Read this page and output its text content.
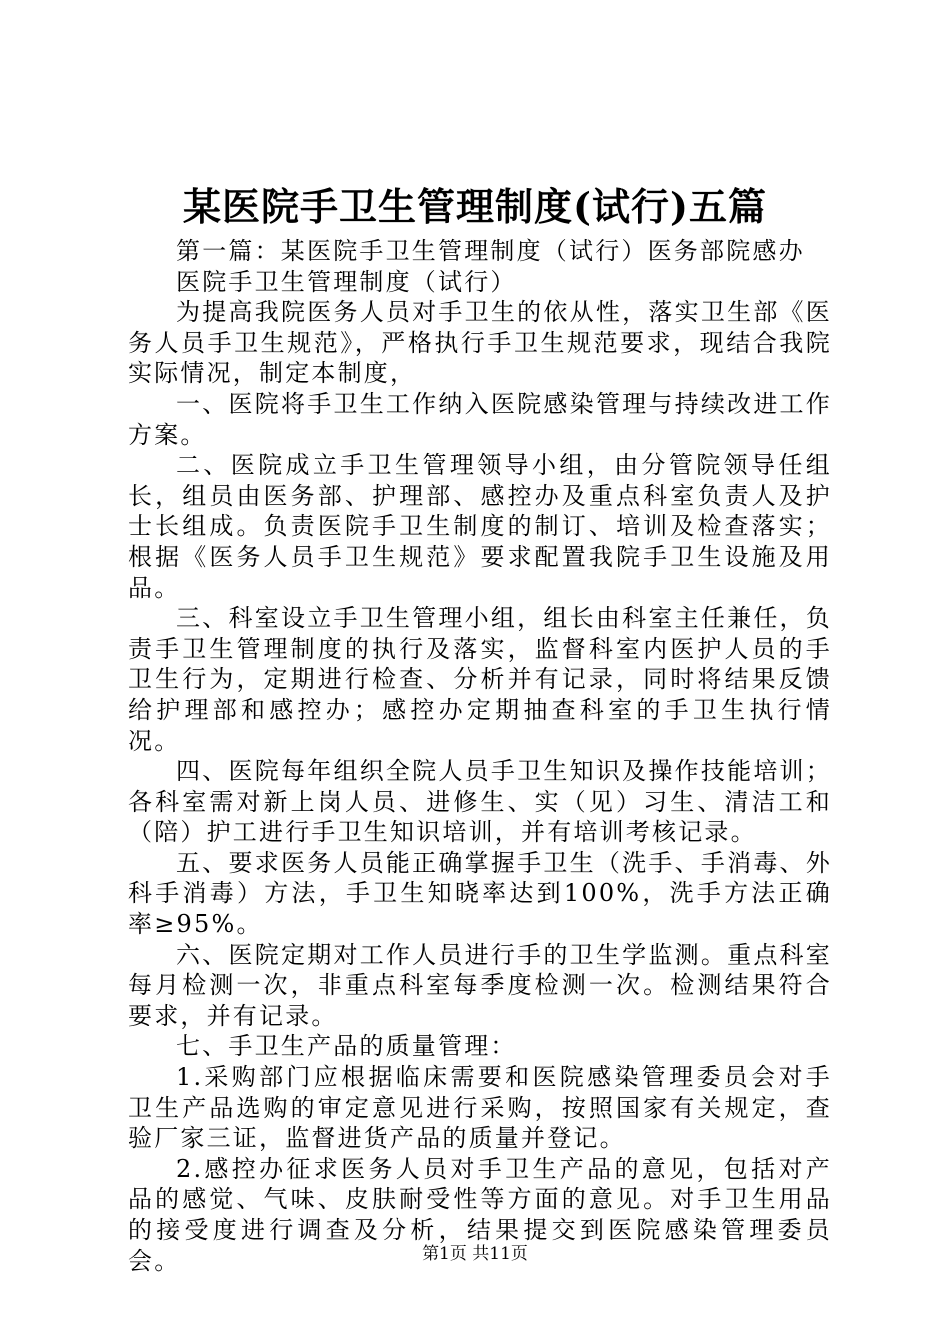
某医院手卫生管理制度(试行)五篇

第一篇：某医院手卫生管理制度（试行）医务部院感办

医院手卫生管理制度（试行）

为提高我院医务人员对手卫生的依从性，落实卫生部《医务人员手卫生规范》，严格执行手卫生规范要求，现结合我院实际情况，制定本制度，

一、医院将手卫生工作纳入医院感染管理与持续改进工作方案。

二、医院成立手卫生管理领导小组，由分管院领导任组长，组员由医务部、护理部、感控办及重点科室负责人及护士长组成。负责医院手卫生制度的制订、培训及检查落实；根据《医务人员手卫生规范》要求配置我院手卫生设施及用品。

三、科室设立手卫生管理小组，组长由科室主任兼任，负责手卫生管理制度的执行及落实，监督科室内医护人员的手卫生行为，定期进行检查、分析并有记录，同时将结果反馈给护理部和感控办；感控办定期抽查科室的手卫生执行情况。

四、医院每年组织全院人员手卫生知识及操作技能培训；各科室需对新上岗人员、进修生、实（见）习生、清洁工和（陪）护工进行手卫生知识培训，并有培训考核记录。

五、要求医务人员能正确掌握手卫生（洗手、手消毒、外科手消毒）方法，手卫生知晓率达到100%，洗手方法正确率≥95%。

六、医院定期对工作人员进行手的卫生学监测。重点科室每月检测一次，非重点科室每季度检测一次。检测结果符合要求，并有记录。

七、手卫生产品的质量管理：

1.采购部门应根据临床需要和医院感染管理委员会对手卫生产品选购的审定意见进行采购，按照国家有关规定，查验厂家三证，监督进货产品的质量并登记。

2.感控办征求医务人员对手卫生产品的意见，包括对产品的感觉、气味、皮肤耐受性等方面的意见。对手卫生用品的接受度进行调查及分析，结果提交到医院感染管理委员会。	第1页 共11页
